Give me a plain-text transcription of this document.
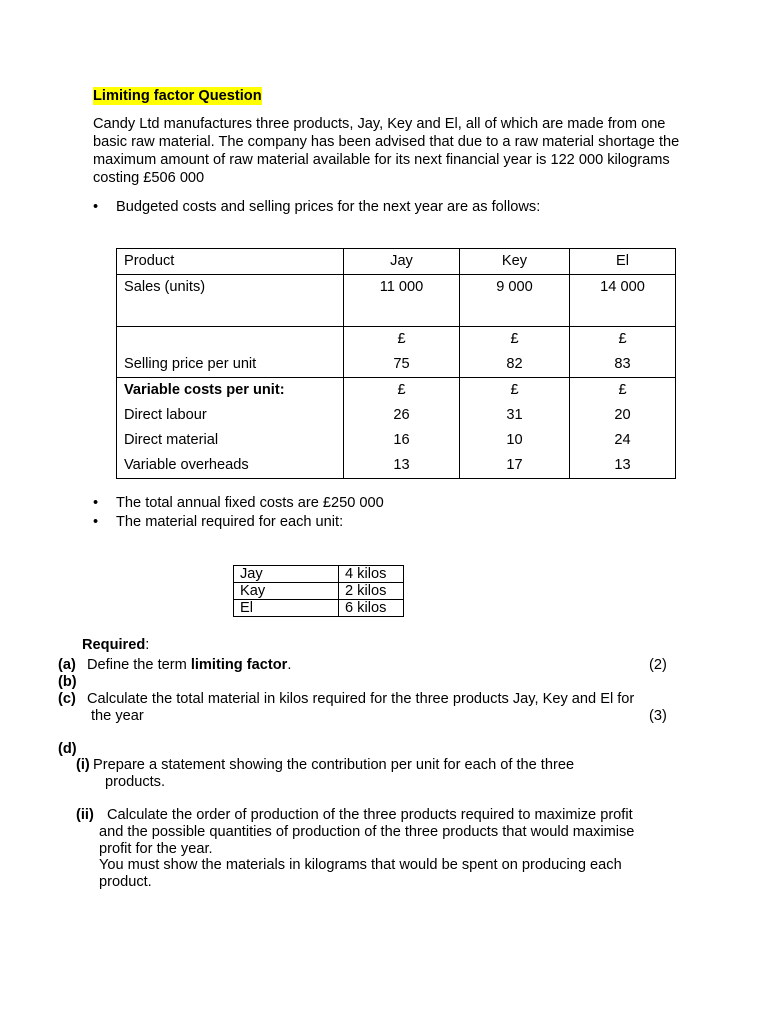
Limiting factor Question
Candy Ltd manufactures three products, Jay, Key and El, all of which are made from one basic raw material. The company has been advised that due to a raw material shortage the maximum amount of raw material available for its next financial year is 122 000 kilograms costing £506 000
• Budgeted costs and selling prices for the next year are as follows:
Product	Jay	Key	El
Sales (units)	11 000	9 000	14 000
	£	£	£
Selling price per unit	75	82	83
Variable costs per unit:	£	£	£
Direct labour	26	31	20
Direct material	16	10	24
Variable overheads	13	17	13
• The total annual fixed costs are £250 000
• The material required for each unit:
Jay	4 kilos
Kay	2 kilos
El	6 kilos
Required:
(a) Define the term limiting factor.	(2)
(b)
(c) Calculate the total material in kilos required for the three products Jay, Key and El for
the year	(3)
(d)
(i) Prepare a statement showing the contribution per unit for each of the three
products.
(ii) Calculate the order of production of the three products required to maximize profit
and the possible quantities of production of the three products that would maximise
profit for the year.
You must show the materials in kilograms that would be spent on producing each
product.
